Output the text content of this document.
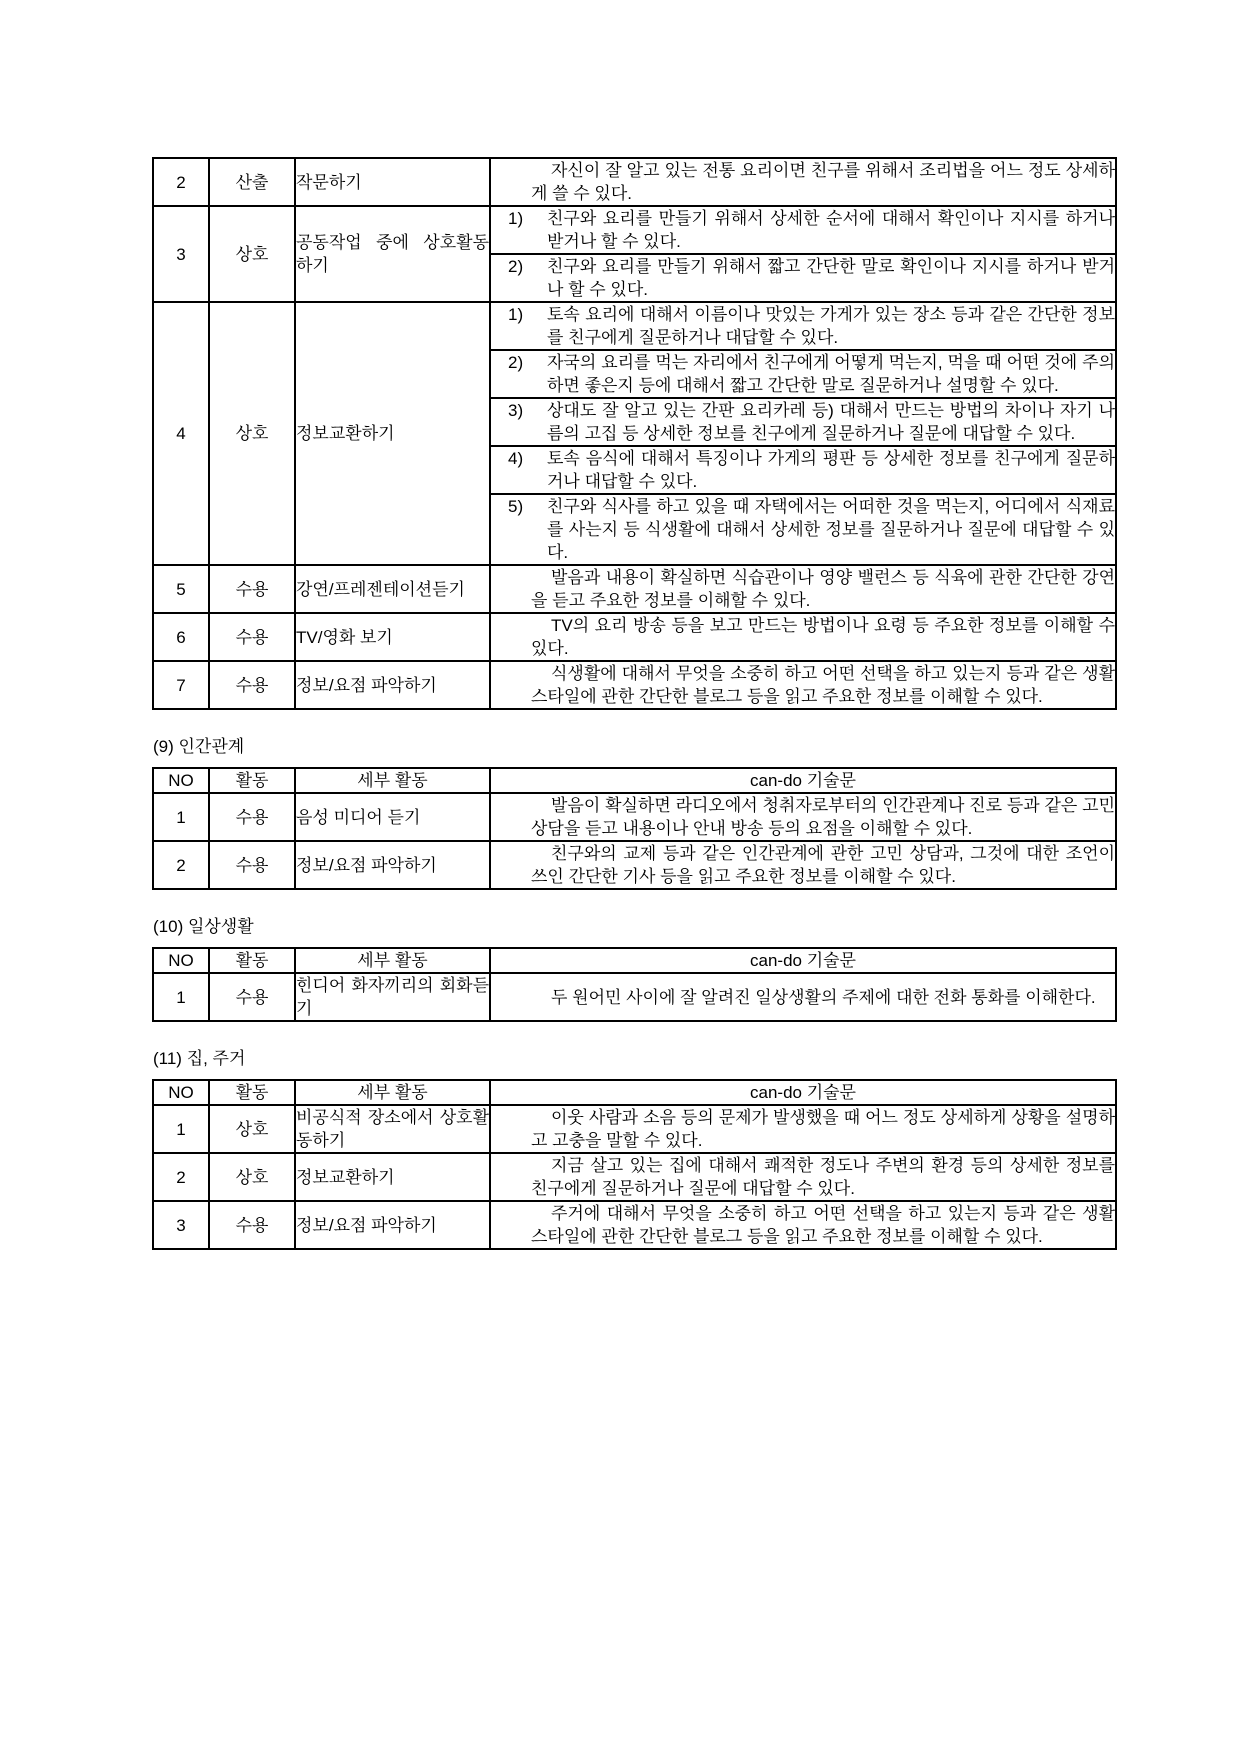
2	산출	작문하기	자신이 잘 알고 있는 전통 요리이면 친구를 위해서 조리법을 어느 정도 상세하게 쓸 수 있다.

3	상호	공동작업 중에 상호활동 하기	1) 친구와 요리를 만들기 위해서 상세한 순서에 대해서 확인이나 지시를 하거나 받거나 할 수 있다.

			2) 친구와 요리를 만들기 위해서 짧고 간단한 말로 확인이나 지시를 하거나 받거나 할 수 있다.

4	상호	정보교환하기	1) 토속 요리에 대해서 이름이나 맛있는 가게가 있는 장소 등과 같은 간단한 정보를 친구에게 질문하거나 대답할 수 있다.

			2) 자국의 요리를 먹는 자리에서 친구에게 어떻게 먹는지, 먹을 때 어떤 것에 주의하면 좋은지 등에 대해서 짧고 간단한 말로 질문하거나 설명할 수 있다.

			3) 상대도 잘 알고 있는 간판 요리카레 등) 대해서 만드는 방법의 차이나 자기 나름의 고집 등 상세한 정보를 친구에게 질문하거나 질문에 대답할 수 있다.

			4) 토속 음식에 대해서 특징이나 가게의 평판 등 상세한 정보를 친구에게 질문하거나 대답할 수 있다.

			5) 친구와 식사를 하고 있을 때 자택에서는 어떠한 것을 먹는지, 어디에서 식재료를 사는지 등 식생활에 대해서 상세한 정보를 질문하거나 질문에 대답할 수 있다.

5	수용	강연/프레젠테이션듣기	발음과 내용이 확실하면 식습관이나 영양 밸런스 등 식육에 관한 간단한 강연을 듣고 주요한 정보를 이해할 수 있다.

6	수용	TV/영화 보기	TV의 요리 방송 등을 보고 만드는 방법이나 요령 등 주요한 정보를 이해할 수 있다.

7	수용	정보/요점 파악하기	식생활에 대해서 무엇을 소중히 하고 어떤 선택을 하고 있는지 등과 같은 생활 스타일에 관한 간단한 블로그 등을 읽고 주요한 정보를 이해할 수 있다.
(9) 인간관계
NO	활동	세부 활동	can-do 기술문
1	수용	음성 미디어 듣기	발음이 확실하면 라디오에서 청취자로부터의 인간관계나 진로 등과 같은 고민 상담을 듣고 내용이나 안내 방송 등의 요점을 이해할 수 있다.

2	수용	정보/요점 파악하기	친구와의 교제 등과 같은 인간관계에 관한 고민 상담과, 그것에 대한 조언이 쓰인 간단한 기사 등을 읽고 주요한 정보를 이해할 수 있다.
(10) 일상생활
NO	활동	세부 활동	can-do 기술문
1	수용	힌디어 화자끼리의 회화듣기	두 원어민 사이에 잘 알려진 일상생활의 주제에 대한 전화 통화를 이해한다.
(11) 집, 주거
NO	활동	세부 활동	can-do 기술문
1	상호	비공식적 장소에서 상호활동하기	이웃 사람과 소음 등의 문제가 발생했을 때 어느 정도 상세하게 상황을 설명하고 고충을 말할 수 있다.

2	상호	정보교환하기	지금 살고 있는 집에 대해서 쾌적한 정도나 주변의 환경 등의 상세한 정보를 친구에게 질문하거나 질문에 대답할 수 있다.

3	수용	정보/요점 파악하기	주거에 대해서 무엇을 소중히 하고 어떤 선택을 하고 있는지 등과 같은 생활 스타일에 관한 간단한 블로그 등을 읽고 주요한 정보를 이해할 수 있다.
